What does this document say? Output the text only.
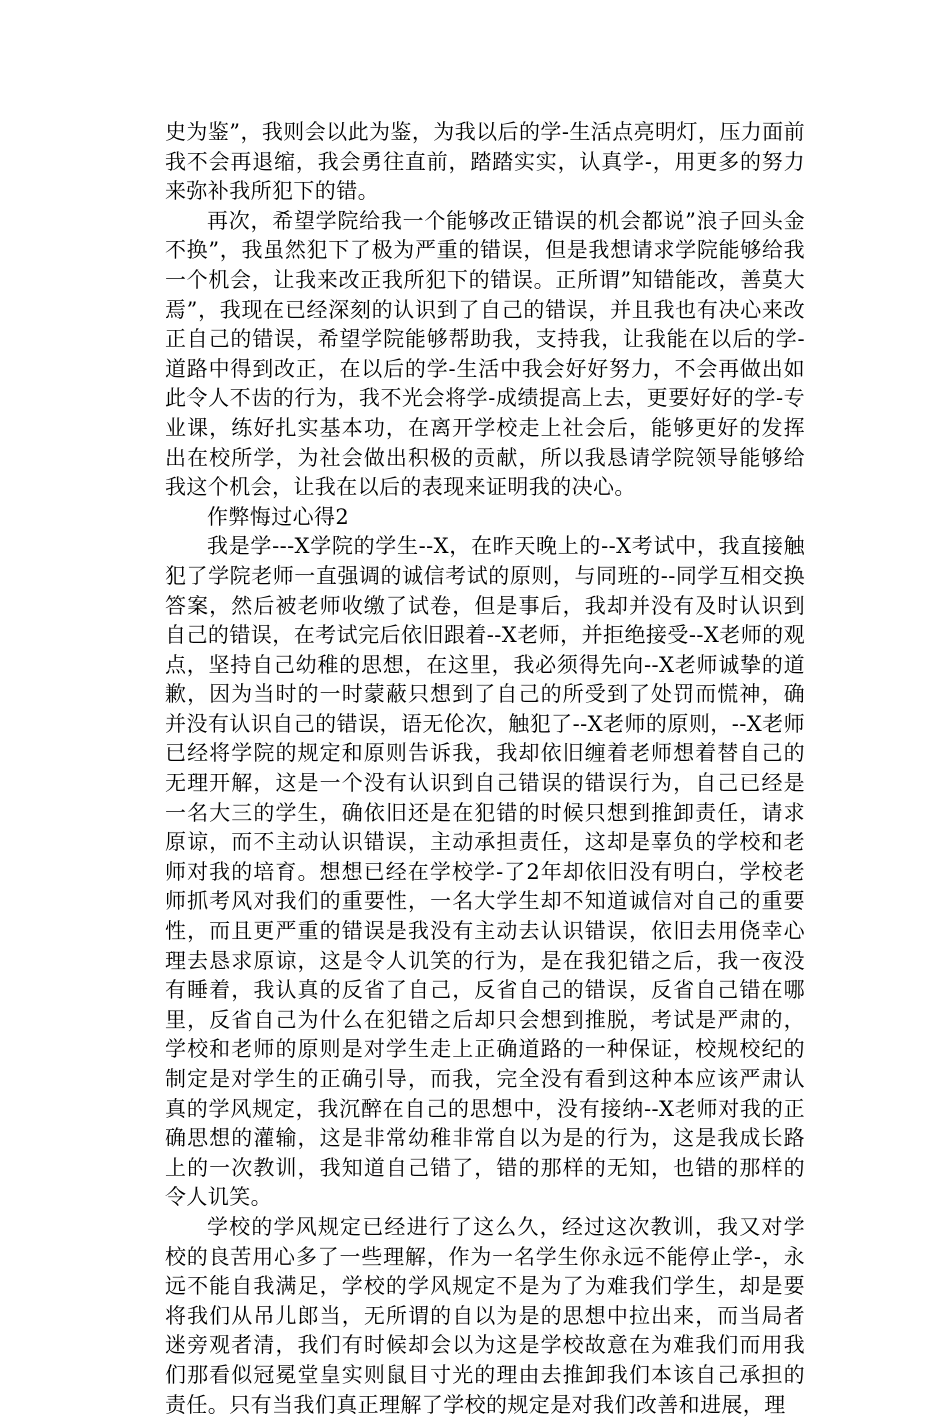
史为鉴”，我则会以此为鉴，为我以后的学-生活点亮明灯，压力面前我不会再退缩，我会勇往直前，踏踏实实，认真学-，用更多的努力来弥补我所犯下的错。

再次，希望学院给我一个能够改正错误的机会都说”浪子回头金不换”，我虽然犯下了极为严重的错误，但是我想请求学院能够给我一个机会，让我来改正我所犯下的错误。正所谓”知错能改，善莫大焉”，我现在已经深刻的认识到了自己的错误，并且我也有决心来改正自己的错误，希望学院能够帮助我，支持我，让我能在以后的学-道路中得到改正，在以后的学-生活中我会好好努力，不会再做出如此令人不齿的行为，我不光会将学-成绩提高上去，更要好好的学-专业课，练好扎实基本功，在离开学校走上社会后，能够更好的发挥出在校所学，为社会做出积极的贡献，所以我恳请学院领导能够给我这个机会，让我在以后的表现来证明我的决心。

作弊悔过心得2

我是学---X学院的学生--X，在昨天晚上的--X考试中，我直接触犯了学院老师一直强调的诚信考试的原则，与同班的--同学互相交换答案，然后被老师收缴了试卷，但是事后，我却并没有及时认识到自己的错误，在考试完后依旧跟着--X老师，并拒绝接受--X老师的观点，坚持自己幼稚的思想，在这里，我必须得先向--X老师诚挚的道歉，因为当时的一时蒙蔽只想到了自己的所受到了处罚而慌神，确并没有认识自己的错误，语无伦次，触犯了--X老师的原则，--X老师已经将学院的规定和原则告诉我，我却依旧缠着老师想着替自己的无理开解，这是一个没有认识到自己错误的错误行为，自己已经是一名大三的学生，确依旧还是在犯错的时候只想到推卸责任，请求原谅，而不主动认识错误，主动承担责任，这却是辜负的学校和老师对我的培育。想想已经在学校学-了2年却依旧没有明白，学校老师抓考风对我们的重要性，一名大学生却不知道诚信对自己的重要性，而且更严重的错误是我没有主动去认识错误，依旧去用侥幸心理去恳求原谅，这是令人讥笑的行为，是在我犯错之后，我一夜没有睡着，我认真的反省了自己，反省自己的错误，反省自己错在哪里，反省自己为什么在犯错之后却只会想到推脱，考试是严肃的，学校和老师的原则是对学生走上正确道路的一种保证，校规校纪的制定是对学生的正确引导，而我，完全没有看到这种本应该严肃认真的学风规定，我沉醉在自己的思想中，没有接纳--X老师对我的正确思想的灌输，这是非常幼稚非常自以为是的行为，这是我成长路上的一次教训，我知道自己错了，错的那样的无知，也错的那样的令人讥笑。

学校的学风规定已经进行了这么久，经过这次教训，我又对学校的良苦用心多了一些理解，作为一名学生你永远不能停止学-，永远不能自我满足，学校的学风规定不是为了为难我们学生，却是要将我们从吊儿郎当，无所谓的自以为是的思想中拉出来，而当局者迷旁观者清，我们有时候却会以为这是学校故意在为难我们而用我们那看似冠冕堂皇实则鼠目寸光的理由去推卸我们本该自己承担的责任。只有当我们真正理解了学校的规定是对我们改善和进展，理
